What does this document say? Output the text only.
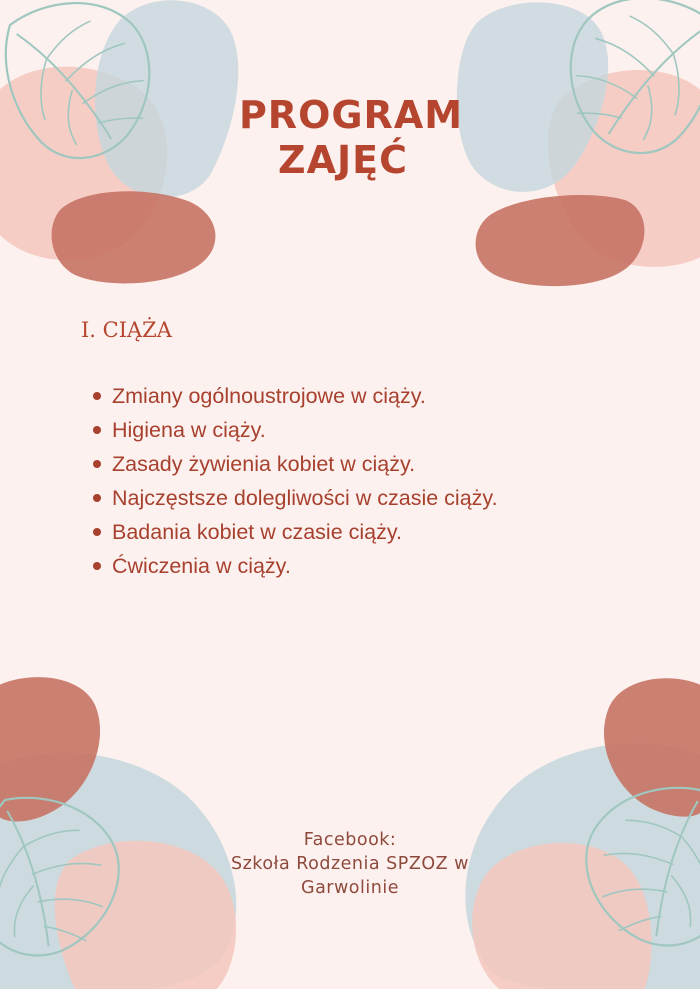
PROGRAM
ZAJĘĆ
I. CIĄŻA
Zmiany ogólnoustrojowe w ciąży.
Higiena w ciąży.
Zasady żywienia kobiet w ciąży.
Najczęstsze dolegliwości w czasie ciąży.
Badania kobiet w czasie ciąży.
Ćwiczenia w ciąży.
Facebook:
Szkoła Rodzenia SPZOZ w
Garwolinie
